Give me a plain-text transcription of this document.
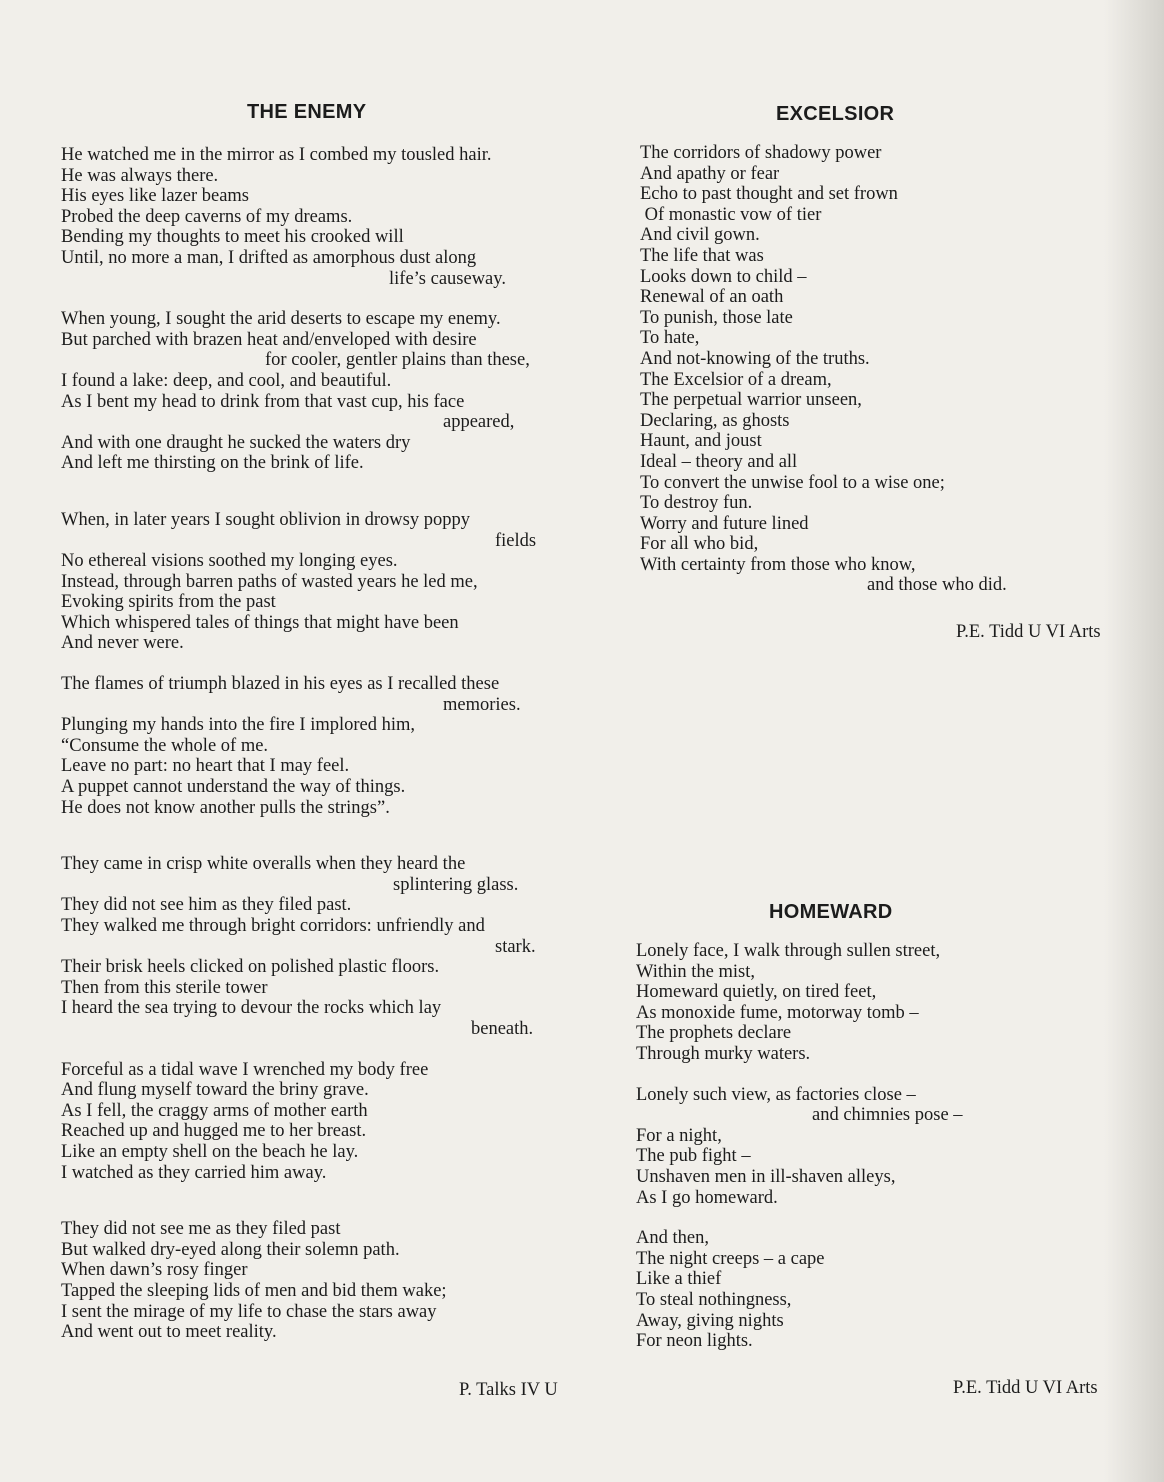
THE ENEMY
He watched me in the mirror as I combed my tousled hair.
He was always there.
His eyes like lazer beams
Probed the deep caverns of my dreams.
Bending my thoughts to meet his crooked will
Until, no more a man, I drifted as amorphous dust along
life’s causeway.
When young, I sought the arid deserts to escape my enemy.
But parched with brazen heat and/enveloped with desire
for cooler, gentler plains than these,
I found a lake: deep, and cool, and beautiful.
As I bent my head to drink from that vast cup, his face
appeared,
And with one draught he sucked the waters dry
And left me thirsting on the brink of life.
When, in later years I sought oblivion in drowsy poppy
fields
No ethereal visions soothed my longing eyes.
Instead, through barren paths of wasted years he led me,
Evoking spirits from the past
Which whispered tales of things that might have been
And never were.
The flames of triumph blazed in his eyes as I recalled these
memories.
Plunging my hands into the fire I implored him,
“Consume the whole of me.
Leave no part: no heart that I may feel.
A puppet cannot understand the way of things.
He does not know another pulls the strings”.
They came in crisp white overalls when they heard the
splintering glass.
They did not see him as they filed past.
They walked me through bright corridors: unfriendly and
stark.
Their brisk heels clicked on polished plastic floors.
Then from this sterile tower
I heard the sea trying to devour the rocks which lay
beneath.
Forceful as a tidal wave I wrenched my body free
And flung myself toward the briny grave.
As I fell, the craggy arms of mother earth
Reached up and hugged me to her breast.
Like an empty shell on the beach he lay.
I watched as they carried him away.
They did not see me as they filed past
But walked dry-eyed along their solemn path.
When dawn’s rosy finger
Tapped the sleeping lids of men and bid them wake;
I sent the mirage of my life to chase the stars away
And went out to meet reality.
P. Talks IV U
EXCELSIOR
The corridors of shadowy power
And apathy or fear
Echo to past thought and set frown
Of monastic vow of tier
And civil gown.
The life that was
Looks down to child –
Renewal of an oath
To punish, those late
To hate,
And not-knowing of the truths.
The Excelsior of a dream,
The perpetual warrior unseen,
Declaring, as ghosts
Haunt, and joust
Ideal – theory and all
To convert the unwise fool to a wise one;
To destroy fun.
Worry and future lined
For all who bid,
With certainty from those who know,
and those who did.
P.E. Tidd U VI Arts
HOMEWARD
Lonely face, I walk through sullen street,
Within the mist,
Homeward quietly, on tired feet,
As monoxide fume, motorway tomb –
The prophets declare
Through murky waters.
Lonely such view, as factories close –
and chimnies pose –
For a night,
The pub fight –
Unshaven men in ill-shaven alleys,
As I go homeward.
And then,
The night creeps – a cape
Like a thief
To steal nothingness,
Away, giving nights
For neon lights.
P.E. Tidd U VI Arts
